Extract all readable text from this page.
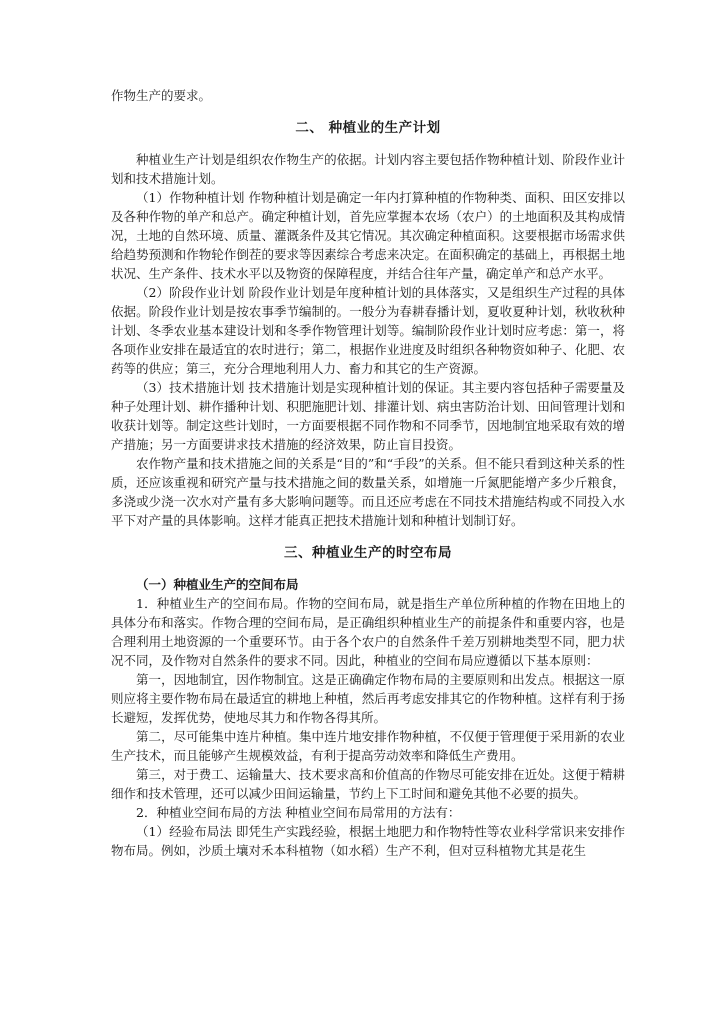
作物生产的要求。

二、 种植业的生产计划

种植业生产计划是组织农作物生产的依据。计划内容主要包括作物种植计划、阶段作业计划和技术措施计划。

（1）作物种植计划 作物种植计划是确定一年内打算种植的作物种类、面积、田区安排以及各种作物的单产和总产。确定种植计划，首先应掌握本农场（农户）的土地面积及其构成情况，土地的自然环境、质量、灌溉条件及其它情况。其次确定种植面积。这要根据市场需求供给趋势预测和作物轮作倒茬的要求等因素综合考虑来决定。在面积确定的基础上，再根据土地状况、生产条件、技术水平以及物资的保障程度，并结合往年产量，确定单产和总产水平。

（2）阶段作业计划 阶段作业计划是年度种植计划的具体落实，又是组织生产过程的具体依据。阶段作业计划是按农事季节编制的。一般分为春耕春播计划，夏收夏种计划，秋收秋种计划、冬季农业基本建设计划和冬季作物管理计划等。编制阶段作业计划时应考虑：第一，将各项作业安排在最适宜的农时进行；第二，根据作业进度及时组织各种物资如种子、化肥、农药等的供应；第三，充分合理地利用人力、畜力和其它的生产资源。

（3）技术措施计划 技术措施计划是实现种植计划的保证。其主要内容包括种子需要量及种子处理计划、耕作播种计划、积肥施肥计划、排灌计划、病虫害防治计划、田间管理计划和收获计划等。制定这些计划时，一方面要根据不同作物和不同季节，因地制宜地采取有效的增产措施；另一方面要讲求技术措施的经济效果，防止盲目投资。

农作物产量和技术措施之间的关系是“目的”和“手段”的关系。但不能只看到这种关系的性质，还应该重视和研究产量与技术措施之间的数量关系，如增施一斤氮肥能增产多少斤粮食，多浇或少浇一次水对产量有多大影响问题等。而且还应考虑在不同技术措施结构或不同投入水平下对产量的具体影响。这样才能真正把技术措施计划和种植计划制订好。

三、种植业生产的时空布局

（一）种植业生产的空间布局

1．种植业生产的空间布局。作物的空间布局，就是指生产单位所种植的作物在田地上的具体分布和落实。作物合理的空间布局，是正确组织种植业生产的前提条件和重要内容，也是合理利用土地资源的一个重要环节。由于各个农户的自然条件千差万别耕地类型不同，肥力状况不同，及作物对自然条件的要求不同。因此，种植业的空间布局应遵循以下基本原则：

第一，因地制宜，因作物制宜。这是正确确定作物布局的主要原则和出发点。根据这一原则应将主要作物布局在最适宜的耕地上种植，然后再考虑安排其它的作物种植。这样有利于扬长避短，发挥优势，使地尽其力和作物各得其所。

第二，尽可能集中连片种植。集中连片地安排作物种植，不仅便于管理便于采用新的农业生产技术，而且能够产生规模效益，有利于提高劳动效率和降低生产费用。

第三，对于费工、运输量大、技术要求高和价值高的作物尽可能安排在近处。这便于精耕细作和技术管理，还可以减少田间运输量，节约上下工时间和避免其他不必要的损失。

2．种植业空间布局的方法 种植业空间布局常用的方法有：

（1）经验布局法 即凭生产实践经验，根据土地肥力和作物特性等农业科学常识来安排作物布局。例如，沙质土壤对禾本科植物（如水稻）生产不利，但对豆科植物尤其是花生
